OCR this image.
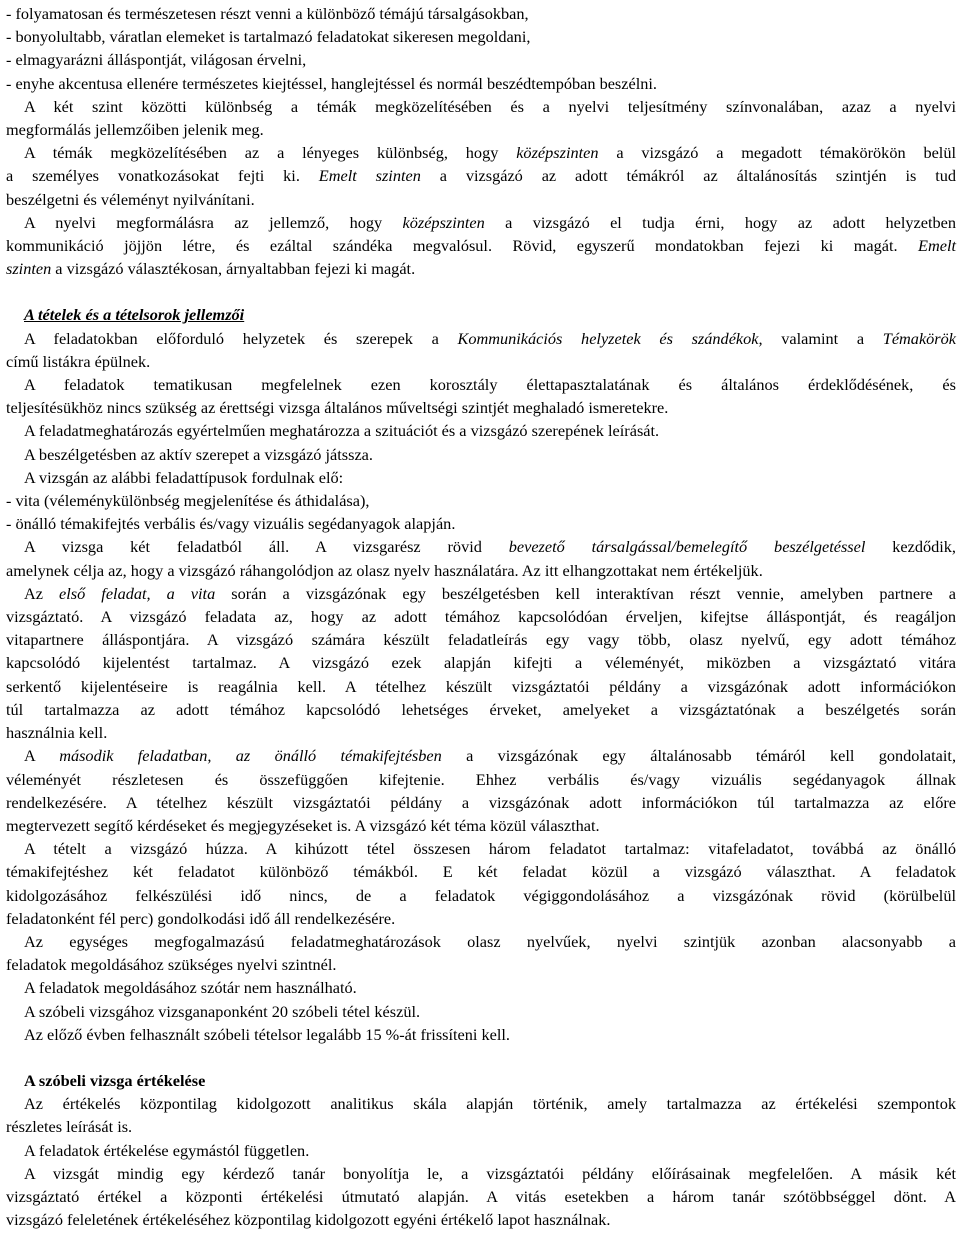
- folyamatosan és természetesen részt venni a különböző témájú társalgásokban,
- bonyolultabb, váratlan elemeket is tartalmazó feladatokat sikeresen megoldani,
- elmagyarázni álláspontját, világosan érvelni,
- enyhe akcentusa ellenére természetes kiejtéssel, hanglejtéssel és normál beszédtempóban beszélni.
A két szint közötti különbség a témák megközelítésében és a nyelvi teljesítmény színvonalában, azaz a nyelvi
megformálás jellemzőiben jelenik meg.
A témák megközelítésében az a lényeges különbség, hogy középszinten a vizsgázó a megadott témakörökön belül
a személyes vonatkozásokat fejti ki. Emelt szinten a vizsgázó az adott témákról az általánosítás szintjén is tud
beszélgetni és véleményt nyilvánítani.
A nyelvi megformálásra az jellemző, hogy középszinten a vizsgázó el tudja érni, hogy az adott helyzetben
kommunikáció jöjjön létre, és ezáltal szándéka megvalósul. Rövid, egyszerű mondatokban fejezi ki magát. Emelt
szinten a vizsgázó választékosan, árnyaltabban fejezi ki magát.
A tételek és a tételsorok jellemzői
A feladatokban előforduló helyzetek és szerepek a Kommunikációs helyzetek és szándékok, valamint a Témakörök
című listákra épülnek.
A feladatok tematikusan megfelelnek ezen korosztály élettapasztalatának és általános érdeklődésének, és
teljesítésükhöz nincs szükség az érettségi vizsga általános műveltségi szintjét meghaladó ismeretekre.
A feladatmeghatározás egyértelműen meghatározza a szituációt és a vizsgázó szerepének leírását.
A beszélgetésben az aktív szerepet a vizsgázó játssza.
A vizsgán az alábbi feladattípusok fordulnak elő:
- vita (véleménykülönbség megjelenítése és áthidalása),
- önálló témakifejtés verbális és/vagy vizuális segédanyagok alapján.
A vizsga két feladatból áll. A vizsgarész rövid bevezető társalgással/bemelegítő beszélgetéssel kezdődik,
amelynek célja az, hogy a vizsgázó ráhangolódjon az olasz nyelv használatára. Az itt elhangzottakat nem értékeljük.
Az első feladat, a vita során a vizsgázónak egy beszélgetésben kell interaktívan részt vennie, amelyben partnere a
vizsgáztató. A vizsgázó feladata az, hogy az adott témához kapcsolódóan érveljen, kifejtse álláspontját, és reagáljon
vitapartnere álláspontjára. A vizsgázó számára készült feladatleírás egy vagy több, olasz nyelvű, egy adott témához
kapcsolódó kijelentést tartalmaz. A vizsgázó ezek alapján kifejti a véleményét, miközben a vizsgáztató vitára
serkentő kijelentéseire is reagálnia kell. A tételhez készült vizsgáztatói példány a vizsgázónak adott információkon
túl tartalmazza az adott témához kapcsolódó lehetséges érveket, amelyeket a vizsgáztatónak a beszélgetés során
használnia kell.
A második feladatban, az önálló témakifejtésben a vizsgázónak egy általánosabb témáról kell gondolatait,
véleményét részletesen és összefüggően kifejtenie. Ehhez verbális és/vagy vizuális segédanyagok állnak
rendelkezésére. A tételhez készült vizsgáztatói példány a vizsgázónak adott információkon túl tartalmazza az előre
megtervezett segítő kérdéseket és megjegyzéseket is. A vizsgázó két téma közül választhat.
A tételt a vizsgázó húzza. A kihúzott tétel összesen három feladatot tartalmaz: vitafeladatot, továbbá az önálló
témakifejtéshez két feladatot különböző témákból. E két feladat közül a vizsgázó választhat. A feladatok
kidolgozásához felkészülési idő nincs, de a feladatok végiggondolásához a vizsgázónak rövid (körülbelül
feladatonként fél perc) gondolkodási idő áll rendelkezésére.
Az egységes megfogalmazású feladatmeghatározások olasz nyelvűek, nyelvi szintjük azonban alacsonyabb a
feladatok megoldásához szükséges nyelvi szintnél.
A feladatok megoldásához szótár nem használható.
A szóbeli vizsgához vizsganaponként 20 szóbeli tétel készül.
Az előző évben felhasznált szóbeli tételsor legalább 15 %-át frissíteni kell.
A szóbeli vizsga értékelése
Az értékelés központilag kidolgozott analitikus skála alapján történik, amely tartalmazza az értékelési szempontok
részletes leírását is.
A feladatok értékelése egymástól független.
A vizsgát mindig egy kérdező tanár bonyolítja le, a vizsgáztatói példány előírásainak megfelelően. A másik két
vizsgáztató értékel a központi értékelési útmutató alapján. A vitás esetekben a három tanár szótöbbséggel dönt. A
vizsgázó feleletének értékeléséhez központilag kidolgozott egyéni értékelő lapot használnak.
